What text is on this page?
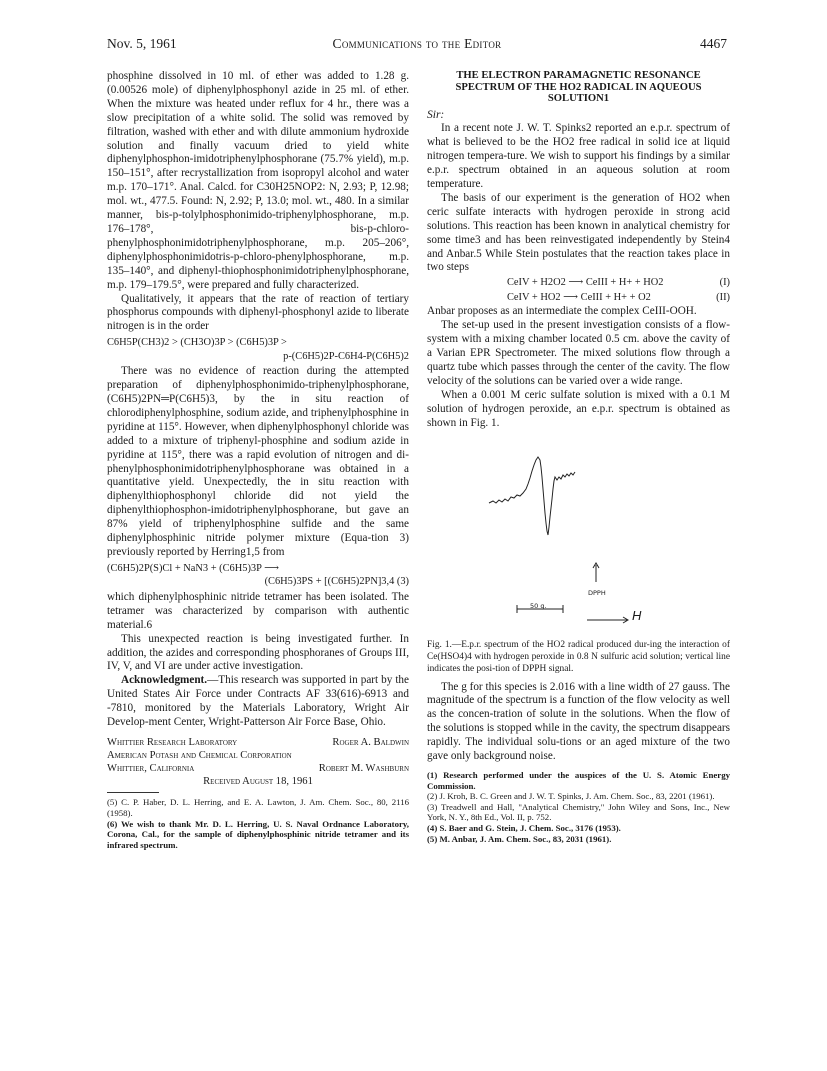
Nov. 5, 1961	Communications to the Editor	4467

phosphine dissolved in 10 ml. of ether was added to 1.28 g. (0.00526 mole) of diphenylphosphonyl azide in 25 ml. of ether. When the mixture was heated under reflux for 4 hr., there was a slow precipitation of a white solid. The solid was removed by filtration, washed with ether and with dilute ammonium hydroxide solution and finally vacuum dried to yield white diphenylphosphon-imidotriphenylphosphorane (75.7% yield), m.p. 150–151°, after recrystallization from isopropyl alcohol and water m.p. 170–171°. Anal. Calcd. for C30H25NOP2: N, 2.93; P, 12.98; mol. wt., 477.5. Found: N, 2.92; P, 13.0; mol. wt., 480. In a similar manner, bis-p-tolylphosphonimido-triphenylphosphorane, m.p. 176–178°, bis-p-chloro-phenylphosphonimidotriphenylphosphorane, m.p. 205–206°, diphenylphosphonimidotris-p-chloro-phenylphosphorane, m.p. 135–140°, and diphenyl-thiophosphonimidotriphenylphosphorane, m.p. 179–179.5°, were prepared and fully characterized.

Qualitatively, it appears that the rate of reaction of tertiary phosphorus compounds with diphenyl-phosphonyl azide to liberate nitrogen is in the order

C6H5P(CH3)2 > (CH3O)3P > (C6H5)3P >
p-(C6H5)2P-C6H4-P(C6H5)2

There was no evidence of reaction during the attempted preparation of diphenylphosphonimido-triphenylphosphorane, (C6H5)2PN═P(C6H5)3, by the in situ reaction of chlorodiphenylphosphine, sodium azide, and triphenylphosphine in pyridine at 115°. However, when diphenylphosphonyl chloride was added to a mixture of triphenyl-phosphine and sodium azide in pyridine at 115°, there was a rapid evolution of nitrogen and di-phenylphosphonimidotriphenylphosphorane was obtained in a quantitative yield. Unexpectedly, the in situ reaction with diphenylthiophosphonyl chloride did not yield the diphenylthiophosphon-imidotriphenylphosphorane, but gave an 87% yield of triphenylphosphine sulfide and the same diphenylphosphinic nitride polymer mixture (Equa-tion 3) previously reported by Herring1,5 from

(C6H5)2P(S)Cl + NaN3 + (C6H5)3P ⟶
(C6H5)3PS + [(C6H5)2PN]3,4 (3)

which diphenylphosphinic nitride tetramer has been isolated. The tetramer was characterized by comparison with authentic material.6

This unexpected reaction is being investigated further. In addition, the azides and corresponding phosphoranes of Groups III, IV, V, and VI are under active investigation.

Acknowledgment.—This research was supported in part by the United States Air Force under Contracts AF 33(616)-6913 and -7810, monitored by the Materials Laboratory, Wright Air Develop-ment Center, Wright-Patterson Air Force Base, Ohio.

Whittier Research Laboratory	Roger A. Baldwin
American Potash and Chemical Corporation
Whittier, California	Robert M. Washburn
Received August 18, 1961

(5) C. P. Haber, D. L. Herring, and E. A. Lawton, J. Am. Chem. Soc., 80, 2116 (1958).

(6) We wish to thank Mr. D. L. Herring, U. S. Naval Ordnance Laboratory, Corona, Cal., for the sample of diphenylphosphinic nitride tetramer and its infrared spectrum.

THE ELECTRON PARAMAGNETIC RESONANCE SPECTRUM OF THE HO2 RADICAL IN AQUEOUS SOLUTION1
Sir:

In a recent note J. W. T. Spinks2 reported an e.p.r. spectrum of what is believed to be the HO2 free radical in solid ice at liquid nitrogen tempera-ture. We wish to support his findings by a similar e.p.r. spectrum obtained in an aqueous solution at room temperature.

The basis of our experiment is the generation of HO2 when ceric sulfate interacts with hydrogen peroxide in strong acid solutions. This reaction has been known in analytical chemistry for some time3 and has been reinvestigated independently by Stein4 and Anbar.5 While Stein postulates that the reaction takes place in two steps

CeIV + H2O2 ⟶ CeIII + H+ + HO2	(I)
CeIV + HO2 ⟶ CeIII + H+ + O2	(II)

Anbar proposes as an intermediate the complex CeIII-OOH.

The set-up used in the present investigation consists of a flow-system with a mixing chamber located 0.5 cm. above the cavity of a Varian EPR Spectrometer. The mixed solutions flow through a quartz tube which passes through the center of the cavity. The flow velocity of the solutions can be varied over a wide range.

When a 0.001 M ceric sulfate solution is mixed with a 0.1 M solution of hydrogen peroxide, an e.p.r. spectrum is obtained as shown in Fig. 1.

DPPH
50 g.
H

Fig. 1.—E.p.r. spectrum of the HO2 radical produced dur-ing the interaction of Ce(HSO4)4 with hydrogen peroxide in 0.8 N sulfuric acid solution; vertical line indicates the posi-tion of DPPH signal.

The g for this species is 2.016 with a line width of 27 gauss. The magnitude of the spectrum is a function of the flow velocity as well as the concen-tration of solute in the solutions. When the flow of the solutions is stopped while in the cavity, the spectrum disappears rapidly. The individual solu-tions or an aged mixture of the two gave only background noise.

(1) Research performed under the auspices of the U. S. Atomic Energy Commission.

(2) J. Kroh, B. C. Green and J. W. T. Spinks, J. Am. Chem. Soc., 83, 2201 (1961).

(3) Treadwell and Hall, "Analytical Chemistry," John Wiley and Sons, Inc., New York, N. Y., 8th Ed., Vol. II, p. 752.

(4) S. Baer and G. Stein, J. Chem. Soc., 3176 (1953).

(5) M. Anbar, J. Am. Chem. Soc., 83, 2031 (1961).
